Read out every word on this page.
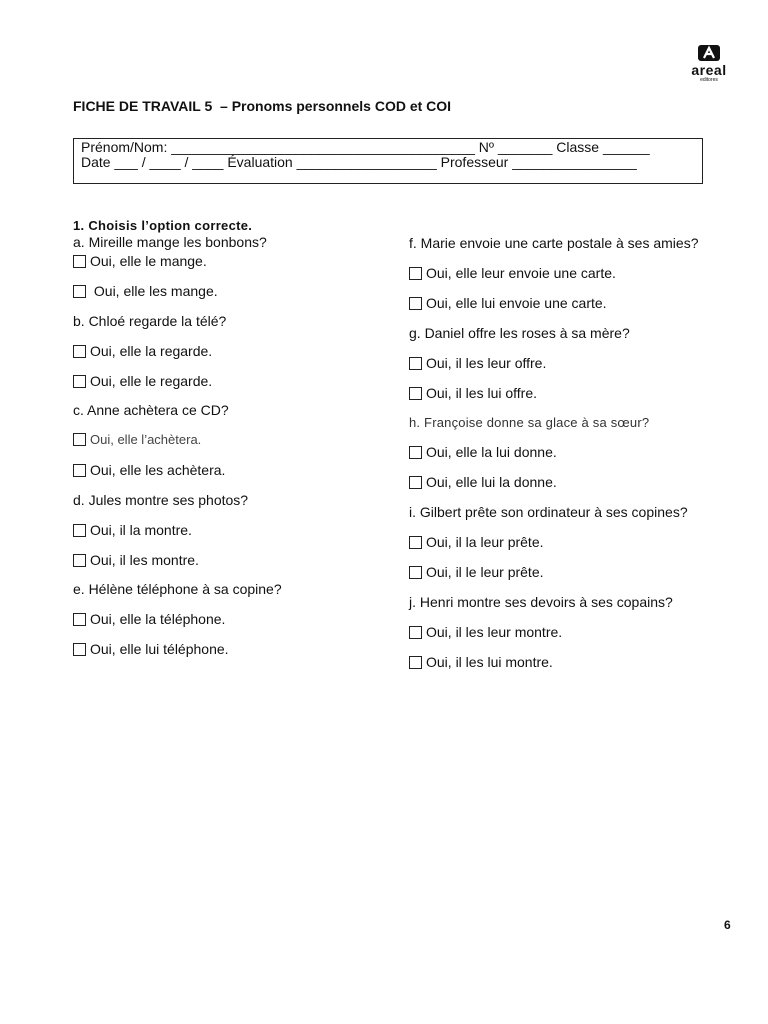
areal
editores
FICHE DE TRAVAIL 5  – Pronoms personnels COD et COI
Prénom/Nom: _______________________________________ Nº _______ Classe ______
Date ___ / ____ / ____ Évaluation __________________ Professeur ________________
1. Choisis l’option correcte.
a. Mireille mange les bonbons?
Oui, elle le mange.
Oui, elle les mange.
b. Chloé regarde la télé?
Oui, elle la regarde.
Oui, elle le regarde.
c. Anne achètera ce CD?
Oui, elle l’achètera.
Oui, elle les achètera.
d. Jules montre ses photos?
Oui, il la montre.
Oui, il les montre.
e. Hélène téléphone à sa copine?
Oui, elle la téléphone.
Oui, elle lui téléphone.
f. Marie envoie une carte postale à ses amies?
Oui, elle leur envoie une carte.
Oui, elle lui envoie une carte.
g. Daniel offre les roses à sa mère?
Oui, il les leur offre.
Oui, il les lui offre.
h. Françoise donne sa glace à sa sœur?
Oui, elle la lui donne.
Oui, elle lui la donne.
i. Gilbert prête son ordinateur à ses copines?
Oui, il la leur prête.
Oui, il le leur prête.
j. Henri montre ses devoirs à ses copains?
Oui, il les leur montre.
Oui, il les lui montre.
6
